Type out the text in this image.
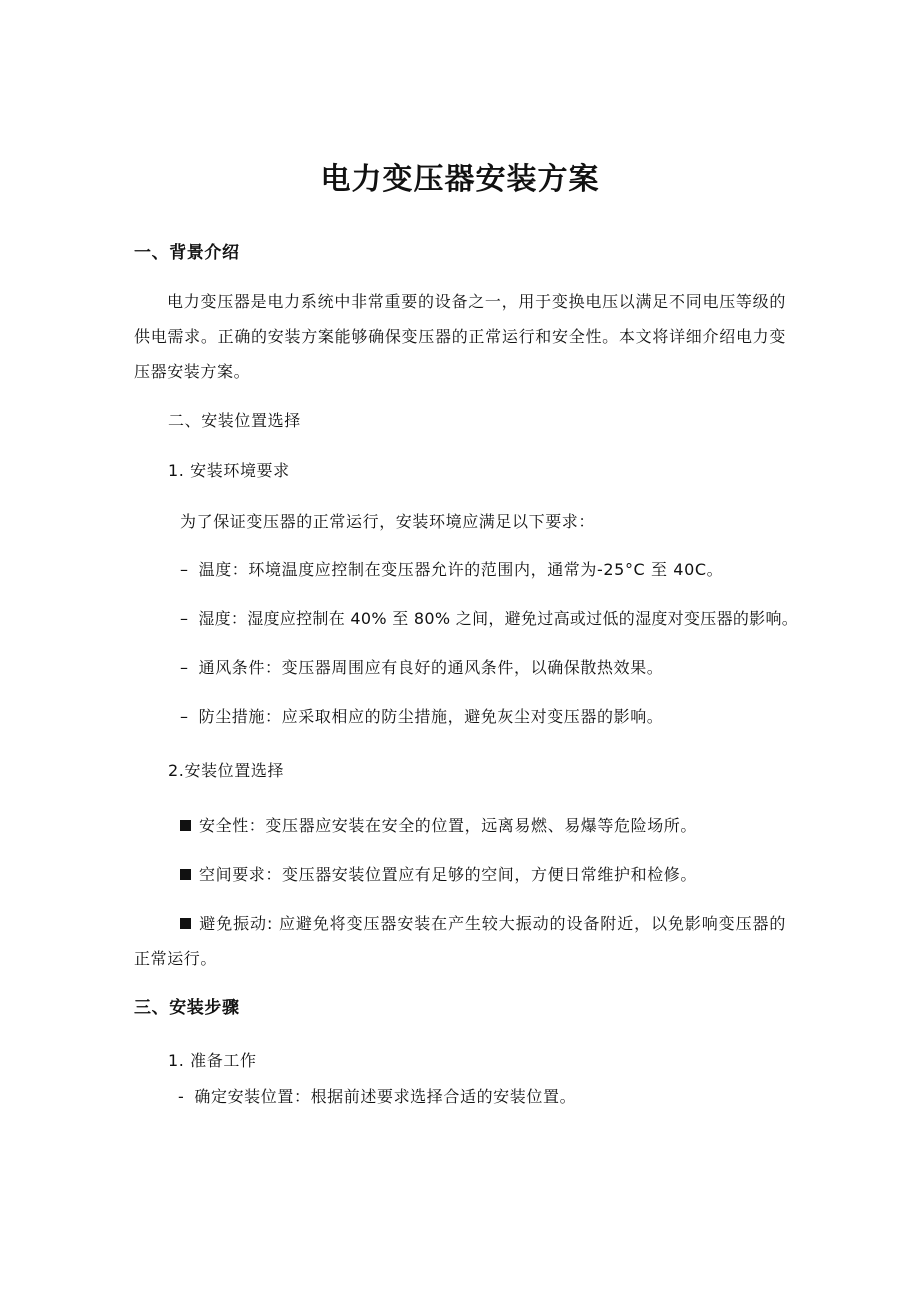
电力变压器安装方案
一、背景介绍

电力变压器是电力系统中非常重要的设备之一，用于变换电压以满足不同电压等级的供电需求。正确的安装方案能够确保变压器的正常运行和安全性。本文将详细介绍电力变压器安装方案。

二、安装位置选择
1. 安装环境要求
为了保证变压器的正常运行，安装环境应满足以下要求：
– 温度：环境温度应控制在变压器允许的范围内，通常为-25°C 至 40C。
– 湿度：湿度应控制在 40% 至 80% 之间，避免过高或过低的湿度对变压器的影响。
– 通风条件：变压器周围应有良好的通风条件，以确保散热效果。
– 防尘措施：应采取相应的防尘措施，避免灰尘对变压器的影响。
2.安装位置选择
安全性：变压器应安装在安全的位置，远离易燃、易爆等危险场所。
空间要求：变压器安装位置应有足够的空间，方便日常维护和检修。

避免振动: 应避免将变压器安装在产生较大振动的设备附近，以免影响变压器的正常运行。

三、安装步骤
1. 准备工作
- 确定安装位置：根据前述要求选择合适的安装位置。
